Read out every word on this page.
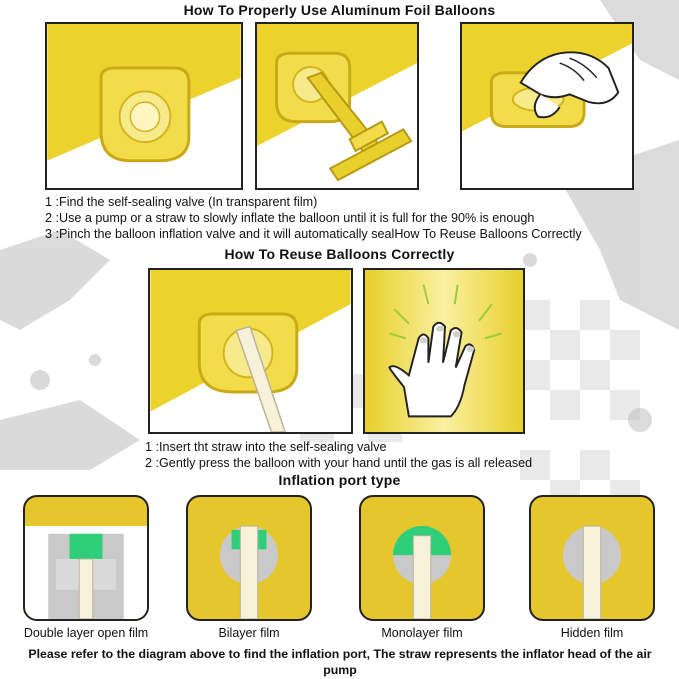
How To Properly Use Aluminum Foil Balloons

1 :Find the self-sealing valve (In transparent film)
2 :Use a pump or a straw to slowly inflate the balloon until it is full for the 90% is enough
3 :Pinch the balloon inflation valve and it will automatically sealHow To Reuse Balloons Correctly

How To Reuse Balloons Correctly

1 :Insert tht straw into the self-sealing valve
2 :Gently press the balloon with your hand until the gas is all released

Inflation port type

Double layer open film	Bilayer film	Monolayer film	Hidden film
Please refer to the diagram above to find the inflation port, The straw represents the inflator head of the air pump
